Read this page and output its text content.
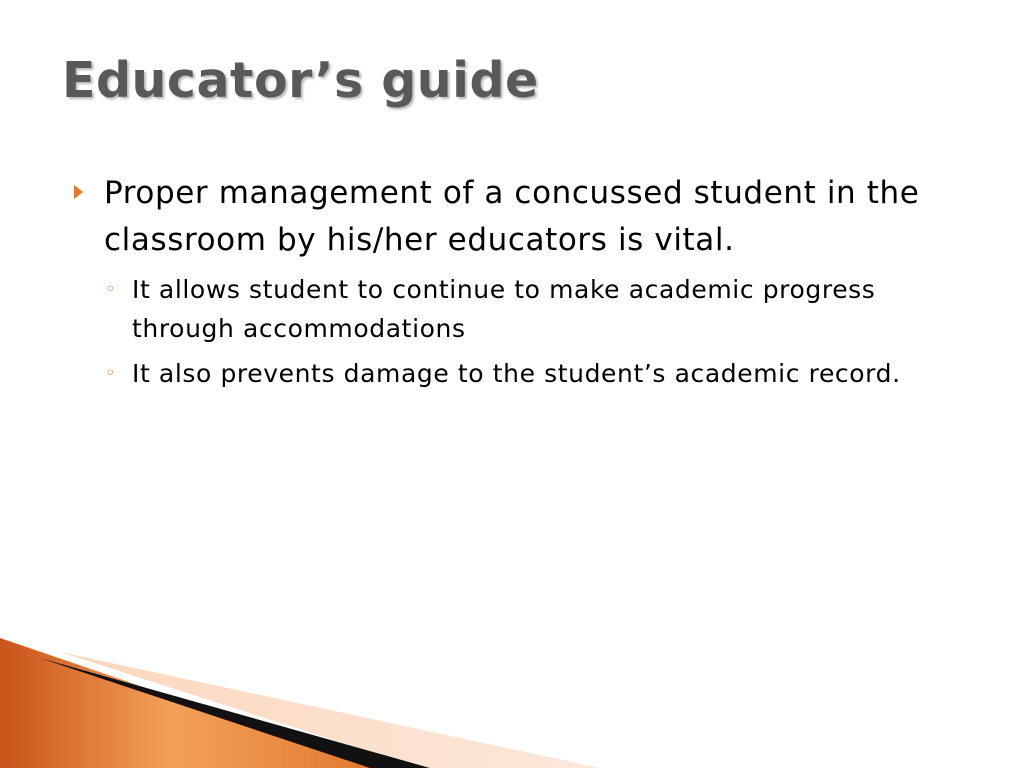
Educator’s guide
Proper management of a concussed student in the classroom by his/her educators is vital.
◦ It allows student to continue to make academic progress through accommodations
◦ It also prevents damage to the student’s academic record.
